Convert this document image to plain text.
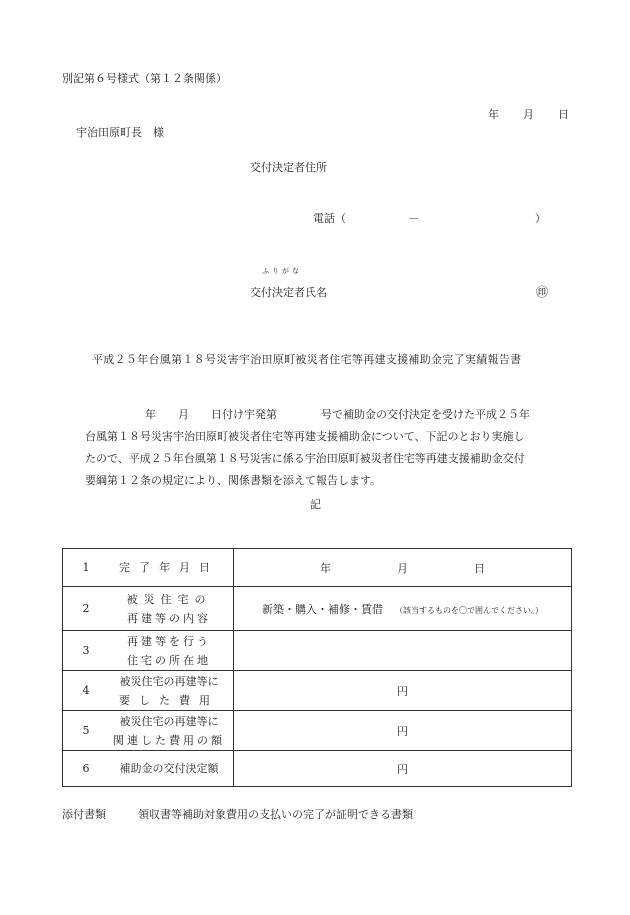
別記第６号様式（第１２条関係）
年 月 日
宇治田原町長　様
交付決定者住所
電話（	－	）
ふりがな
交付決定者氏名	㊞
平成２５年台風第１８号災害宇治田原町被災者住宅等再建支援補助金完了実績報告書
年　　月　　日付け宇発第　　　　号で補助金の交付決定を受けた平成２５年
台風第１８号災害宇治田原町被災者住宅等再建支援補助金について、下記のとおり実施し
たので、平成２５年台風第１８号災害に係る宇治田原町被災者住宅等再建支援補助金交付
要綱第１２条の規定により、関係書類を添えて報告します。
記
1	完了年月日	年　　　　　　月　　　　　　日
2	被災住宅の
再建等の内容	新築・購入・補修・賃借 （該当するものを〇で囲んでください。）
3	再建等を行う
住宅の所在地	

4	被災住宅の再建等に
要した費用	円
5	被災住宅の再建等に
関連した費用の額	円
6	補助金の交付決定額	円
添付書類	領収書等補助対象費用の支払いの完了が証明できる書類
